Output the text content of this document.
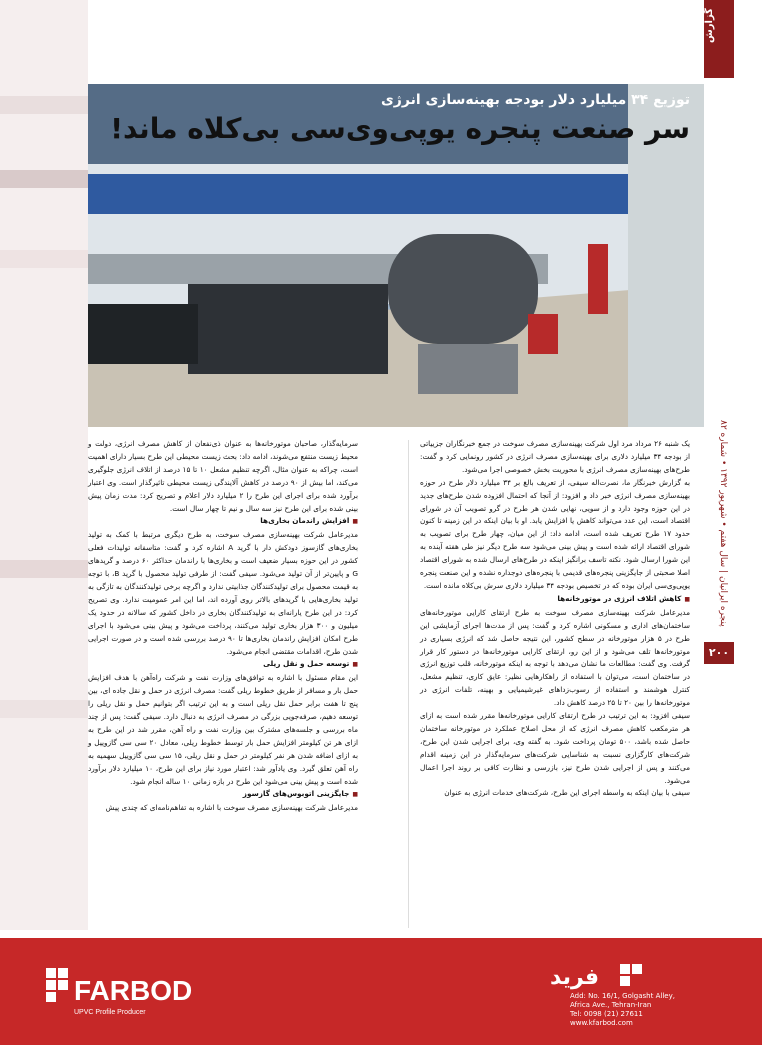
گزارش
پنجره ایرانیان | سال هفتم • شهریور ۱۳۹۲ • شماره ۸۲
۲۰۰
توزیع ۳۴ میلیارد دلار بودجه بهینه‌سازی انرژی
سر صنعت پنجره یوپی‌وی‌سی بی‌کلاه ماند!

یک شنبه ۲۶ مرداد مرد اول شرکت بهینه‌سازی مصرف سوخت در جمع خبرنگاران جزییاتی از بودجه ۳۴ میلیارد دلاری برای بهینه‌سازی مصرف انرژی در کشور رونمایی کرد و گفت: طرح‌های بهینه‌سازی مصرف انرژی با محوریت بخش خصوصی اجرا می‌شود.

به گزارش خبرنگار ما، نصرت‌اله سیفی، از تعریف بالغ بر ۳۴ میلیارد دلار طرح در حوزه بهینه‌سازی مصرف انرژی خبر داد و افزود: از آنجا که احتمال افزوده شدن طرح‌های جدید در این حوزه وجود دارد و از سویی، نهایی شدن هر طرح در گرو تصویب آن در شورای اقتصاد است، این عدد می‌تواند کاهش یا افزایش یابد. او با بیان اینکه در این زمینه تا کنون حدود ۱۷ طرح تعریف شده است، ادامه داد: از این میان، چهار طرح برای تصویب به شورای اقتصاد ارائه شده است و پیش بینی می‌شود سه طرح دیگر نیز طی هفته آینده به این شورا ارسال شود. نکته تاسف برانگیز اینکه در طرح‌های ارسال شده به شورای اقتصاد اصلا صحبتی از جایگزینی پنجره‌های قدیمی با پنجره‌های دوجداره نشده و این صنعت پنجره یوپی‌وی‌سی ایران بوده که در تخصیص بودجه ۳۴ میلیارد دلاری سرش بی‌کلاه مانده است.

■ کاهش اتلاف انرژی در موتورخانه‌ها

مدیرعامل شرکت بهینه‌سازی مصرف سوخت به طرح ارتقای کارایی موتورخانه‌های ساختمان‌های اداری و مسکونی اشاره کرد و گفت: پس از مدت‌ها اجرای آزمایشی این طرح در ۵ هزار موتورخانه در سطح کشور، این نتیجه حاصل شد که انرژی بسیاری در موتورخانه‌ها تلف می‌شود و از این رو، ارتقای کارایی موتورخانه‌ها در دستور کار قرار گرفت. وی گفت: مطالعات ما نشان می‌دهد با توجه به اینکه موتورخانه، قلب توزیع انرژی در ساختمان است، می‌توان با استفاده از راهکارهایی نظیر: عایق کاری، تنظیم مشعل، کنترل هوشمند و استفاده از رسوب‌زداهای غیرشیمیایی و بهینه، تلفات انرژی در موتورخانه‌ها را بین ۲۰ تا ۲۵ درصد کاهش داد.

سیفی افزود: به این ترتیب در طرح ارتقای کارایی موتورخانه‌ها مقرر شده است به ازای هر مترمکعب کاهش مصرف انرژی که از محل اصلاح عملکرد در موتورخانه ساختمان حاصل شده باشد، ۵۰۰ تومان پرداخت شود. به گفته وی، برای اجرایی شدن این طرح، شرکت‌های کارگزاری نسبت به شناسایی شرکت‌های سرمایه‌گذار در این زمینه اقدام می‌کنند و پس از اجرایی شدن طرح نیز، بازرسی و نظارت کافی بر روند اجرا اعمال می‌شود.

سیفی با بیان اینکه به واسطه اجرای این طرح، شرکت‌های خدمات انرژی به عنوان

سرمایه‌گذار، صاحبان موتورخانه‌ها به عنوان ذی‌نفعان از کاهش مصرف انرژی، دولت و محیط زیست منتفع می‌شوند، ادامه داد: بحث زیست محیطی این طرح بسیار دارای اهمیت است، چراکه به عنوان مثال، اگرچه تنظیم مشعل ۱۰ تا ۱۵ درصد از اتلاف انرژی جلوگیری می‌کند، اما بیش از ۹۰ درصد در کاهش آلایندگی زیست محیطی تاثیرگذار است. وی اعتبار برآورد شده برای اجرای این طرح را ۲ میلیارد دلار اعلام و تصریح کرد: مدت زمان پیش بینی شده برای این طرح نیز سه سال و نیم تا چهار سال است.

■ افزایش راندمان بخاری‌ها

مدیرعامل شرکت بهینه‌سازی مصرف سوخت، به طرح دیگری مرتبط با کمک به تولید بخاری‌های گازسوز دودکش دار با گرید A اشاره کرد و گفت: متاسفانه تولیدات فعلی کشور در این حوزه بسیار ضعیف است و بخاری‌ها با راندمان حداکثر ۶۰ درصد و گریدهای G و پایین‌تر از آن تولید می‌شود. سیفی گفت: از طرفی تولید محصول با گرید B، با توجه به قیمت محصول برای تولیدکنندگان جذابیتی ندارد و اگرچه برخی تولیدکنندگان به تازگی به تولید بخاری‌هایی با گریدهای بالاتر روی آورده اند، اما این امر عمومیت ندارد. وی تصریح کرد: در این طرح یارانه‌ای به تولیدکنندگان بخاری در داخل کشور که سالانه در حدود یک میلیون و ۳۰۰ هزار بخاری تولید می‌کنند، پرداخت می‌شود و پیش بینی می‌شود با اجرای طرح امکان افزایش راندمان بخاری‌ها تا ۹۰ درصد بررسی شده است و در صورت اجرایی شدن طرح، اقدامات مقتضی انجام می‌شود.

■ توسعه حمل و نقل ریلی

این مقام مسئول با اشاره به توافق‌های وزارت نفت و شرکت راه‌آهن با هدف افزایش حمل بار و مسافر از طریق خطوط ریلی گفت: مصرف انرژی در حمل و نقل جاده ای، بین پنج تا هفت برابر حمل نقل ریلی است و به این ترتیب اگر بتوانیم حمل و نقل ریلی را توسعه دهیم، صرفه‌جویی بزرگی در مصرف انرژی به دنبال دارد. سیفی گفت: پس از چند ماه بررسی و جلسه‌های مشترک بین وزارت نفت و راه آهن، مقرر شد در این طرح به ازای هر تن کیلومتر افزایش حمل بار توسط خطوط ریلی، معادل ۲۰ سی سی گازوییل و به ازای اضافه شدن هر نفر کیلومتر در حمل و نقل ریلی، ۱۵ سی سی گازوییل سهمیه به راه آهن تعلق گیرد. وی یادآور شد: اعتبار مورد نیاز برای این طرح، ۱۰ میلیارد دلار برآورد شده است و پیش بینی می‌شود این طرح در بازه زمانی ۱۰ ساله انجام شود.

■ جایگزینی اتوبوس‌های گازسوز

مدیرعامل شرکت بهینه‌سازی مصرف سوخت با اشاره به تفاهم‌نامه‌ای که چندی پیش

FARBOD
UPVC Profile Producer
فرید
Add: No. 16/1, Golgasht Alley,
Africa Ave., Tehran-Iran
Tel: 0098 (21) 27611
www.kfarbod.com
